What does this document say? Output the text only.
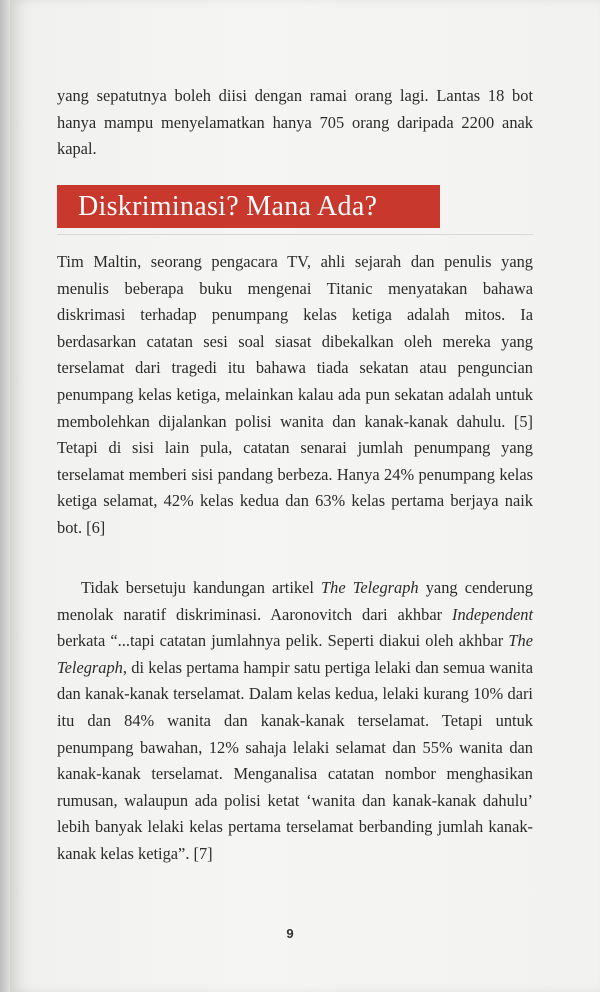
yang sepatutnya boleh diisi dengan ramai orang lagi. Lantas 18 bot hanya mampu menyelamatkan hanya 705 orang daripada 2200 anak kapal.

Diskriminasi? Mana Ada?

Tim Maltin, seorang pengacara TV, ahli sejarah dan penulis yang menulis beberapa buku mengenai Titanic menyatakan bahawa diskrimasi terhadap penumpang kelas ketiga adalah mitos. Ia berdasarkan catatan sesi soal siasat dibekalkan oleh mereka yang terselamat dari tragedi itu bahawa tiada sekatan atau penguncian penumpang kelas ketiga, melainkan kalau ada pun sekatan adalah untuk membolehkan dijalankan polisi wanita dan kanak-kanak dahulu. [5] Tetapi di sisi lain pula, catatan senarai jumlah penumpang yang terselamat memberi sisi pandang berbeza. Hanya 24% penumpang kelas ketiga selamat, 42% kelas kedua dan 63% kelas pertama berjaya naik bot. [6]

Tidak bersetuju kandungan artikel The Telegraph yang cenderung menolak naratif diskriminasi. Aaronovitch dari akhbar Independent berkata “...tapi catatan jumlahnya pelik. Seperti diakui oleh akhbar The Telegraph, di kelas pertama hampir satu pertiga lelaki dan semua wanita dan kanak-kanak terselamat. Dalam kelas kedua, lelaki kurang 10% dari itu dan 84% wanita dan kanak-kanak terselamat. Tetapi untuk penumpang bawahan, 12% sahaja lelaki selamat dan 55% wanita dan kanak-kanak terselamat. Menganalisa catatan nombor menghasikan rumusan, walaupun ada polisi ketat ‘wanita dan kanak-kanak dahulu’ lebih banyak lelaki kelas pertama terselamat berbanding jumlah kanak-kanak kelas ketiga”. [7]

9
